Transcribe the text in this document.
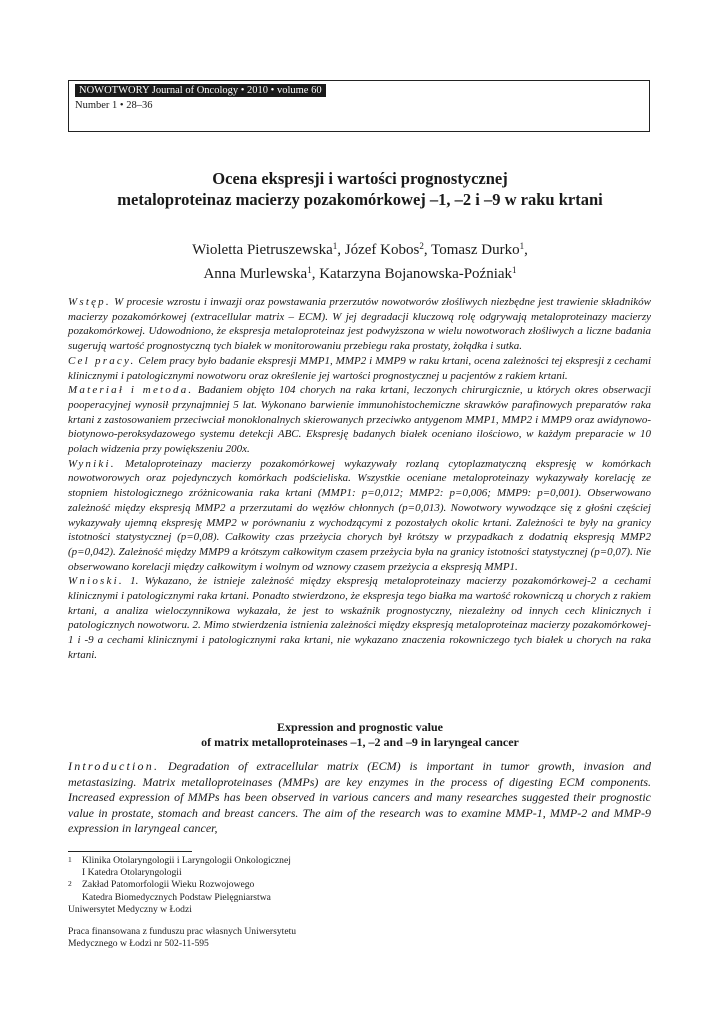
NOWOTWORY Journal of Oncology • 2010 • volume 60
Number 1 • 28–36
Ocena ekspresji i wartości prognostycznej
metaloproteinaz macierzy pozakomórkowej –1, –2 i –9 w raku krtani
Wioletta Pietruszewska$^1$, Józef Kobos$^2$, Tomasz Durko$^1$,
Anna Murlewska$^1$, Katarzyna Bojanowska-Poźniak$^1$

Wstęp. W procesie wzrostu i inwazji oraz powstawania przerzutów nowotworów złośliwych niezbędne jest trawienie składników macierzy pozakomórkowej (extracellular matrix – ECM). W jej degradacji kluczową rolę odgrywają metaloproteinazy macierzy pozakomórkowej. Udowodniono, że ekspresja metaloproteinaz jest podwyższona w wielu nowotworach złośliwych a liczne badania sugerują wartość prognostyczną tych białek w monitorowaniu przebiegu raka prostaty, żołądka i sutka.

Cel pracy. Celem pracy było badanie ekspresji MMP1, MMP2 i MMP9 w raku krtani, ocena zależności tej ekspresji z cechami klinicznymi i patologicznymi nowotworu oraz określenie jej wartości prognostycznej u pacjentów z rakiem krtani.

Materiał i metoda. Badaniem objęto 104 chorych na raka krtani, leczonych chirurgicznie, u których okres obserwacji pooperacyjnej wynosił przynajmniej 5 lat. Wykonano barwienie immunohistochemiczne skrawków parafinowych preparatów raka krtani z zastosowaniem przeciwciał monoklonalnych skierowanych przeciwko antygenom MMP1, MMP2 i MMP9 oraz awidynowo-biotynowo-peroksydazowego systemu detekcji ABC. Ekspresję badanych białek oceniano ilościowo, w każdym preparacie w 10 polach widzenia przy powiększeniu 200x.

Wyniki. Metaloproteinazy macierzy pozakomórkowej wykazywały rozlaną cytoplazmatyczną ekspresję w komórkach nowotworowych oraz pojedynczych komórkach podścieliska. Wszystkie oceniane metaloproteinazy wykazywały korelację ze stopniem histologicznego zróżnicowania raka krtani (MMP1: p=0,012; MMP2: p=0,006; MMP9: p=0,001). Obserwowano zależność między ekspresją MMP2 a przerzutami do węzłów chłonnych (p=0,013). Nowotwory wywodzące się z głośni częściej wykazywały ujemną ekspresję MMP2 w porównaniu z wychodzącymi z pozostałych okolic krtani. Zależności te były na granicy istotności statystycznej (p=0,08). Całkowity czas przeżycia chorych był krótszy w przypadkach z dodatnią ekspresją MMP2 (p=0,042). Zależność między MMP9 a krótszym całkowitym czasem przeżycia była na granicy istotności statystycznej (p=0,07). Nie obserwowano korelacji między całkowitym i wolnym od wznowy czasem przeżycia a ekspresją MMP1.

Wnioski. 1. Wykazano, że istnieje zależność między ekspresją metaloproteinazy macierzy pozakomórkowej-2 a cechami klinicznymi i patologicznymi raka krtani. Ponadto stwierdzono, że ekspresja tego białka ma wartość rokowniczą u chorych z rakiem krtani, a analiza wieloczynnikowa wykazała, że jest to wskaźnik prognostyczny, niezależny od innych cech klinicznych i patologicznych nowotworu. 2. Mimo stwierdzenia istnienia zależności między ekspresją metaloproteinaz macierzy pozakomórkowej-1 i -9 a cechami klinicznymi i patologicznymi raka krtani, nie wykazano znaczenia rokowniczego tych białek u chorych na raka krtani.

Expression and prognostic value
of matrix metalloproteinases –1, –2 and –9 in laryngeal cancer

Introduction. Degradation of extracellular matrix (ECM) is important in tumor growth, invasion and metastasizing. Matrix metalloproteinases (MMPs) are key enzymes in the process of digesting ECM components. Increased expression of MMPs has been observed in various cancers and many researches suggested their prognostic value in prostate, stomach and breast cancers. The aim of the research was to examine MMP-1, MMP-2 and MMP-9 expression in laryngeal cancer,

1 Klinika Otolaryngologii i Laryngologii Onkologicznej
I Katedra Otolaryngologii
2 Zakład Patomorfologii Wieku Rozwojowego
Katedra Biomedycznych Podstaw Pielęgniarstwa
Uniwersytet Medyczny w Łodzi
Praca finansowana z funduszu prac własnych Uniwersytetu
Medycznego w Łodzi nr 502-11-595
